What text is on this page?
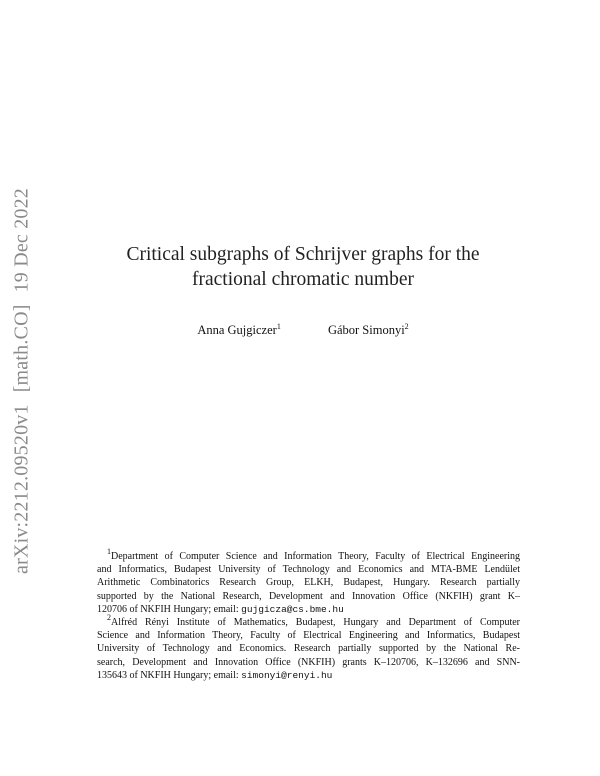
arXiv:2212.09520v1[math.CO]19 Dec 2022	Critical subgraphs of Schrijver graphs for the
fractional chromatic number
Anna Gujgiczer$^1$	Gábor Simonyi$^2$
$^1$Department of Computer Science and Information Theory, Faculty of Electrical Engineering
and Informatics, Budapest University of Technology and Economics and MTA-BME Lendület
Arithmetic Combinatorics Research Group, ELKH, Budapest, Hungary. Research partially
supported by the National Research, Development and Innovation Office (NKFIH) grant K–
120706 of NKFIH Hungary; email: gujgicza@cs.bme.hu
$^2$Alfréd Rényi Institute of Mathematics, Budapest, Hungary and Department of Computer
Science and Information Theory, Faculty of Electrical Engineering and Informatics, Budapest
University of Technology and Economics. Research partially supported by the National Re-
search, Development and Innovation Office (NKFIH) grants K–120706, K–132696 and SNN-
135643 of NKFIH Hungary; email: simonyi@renyi.hu
